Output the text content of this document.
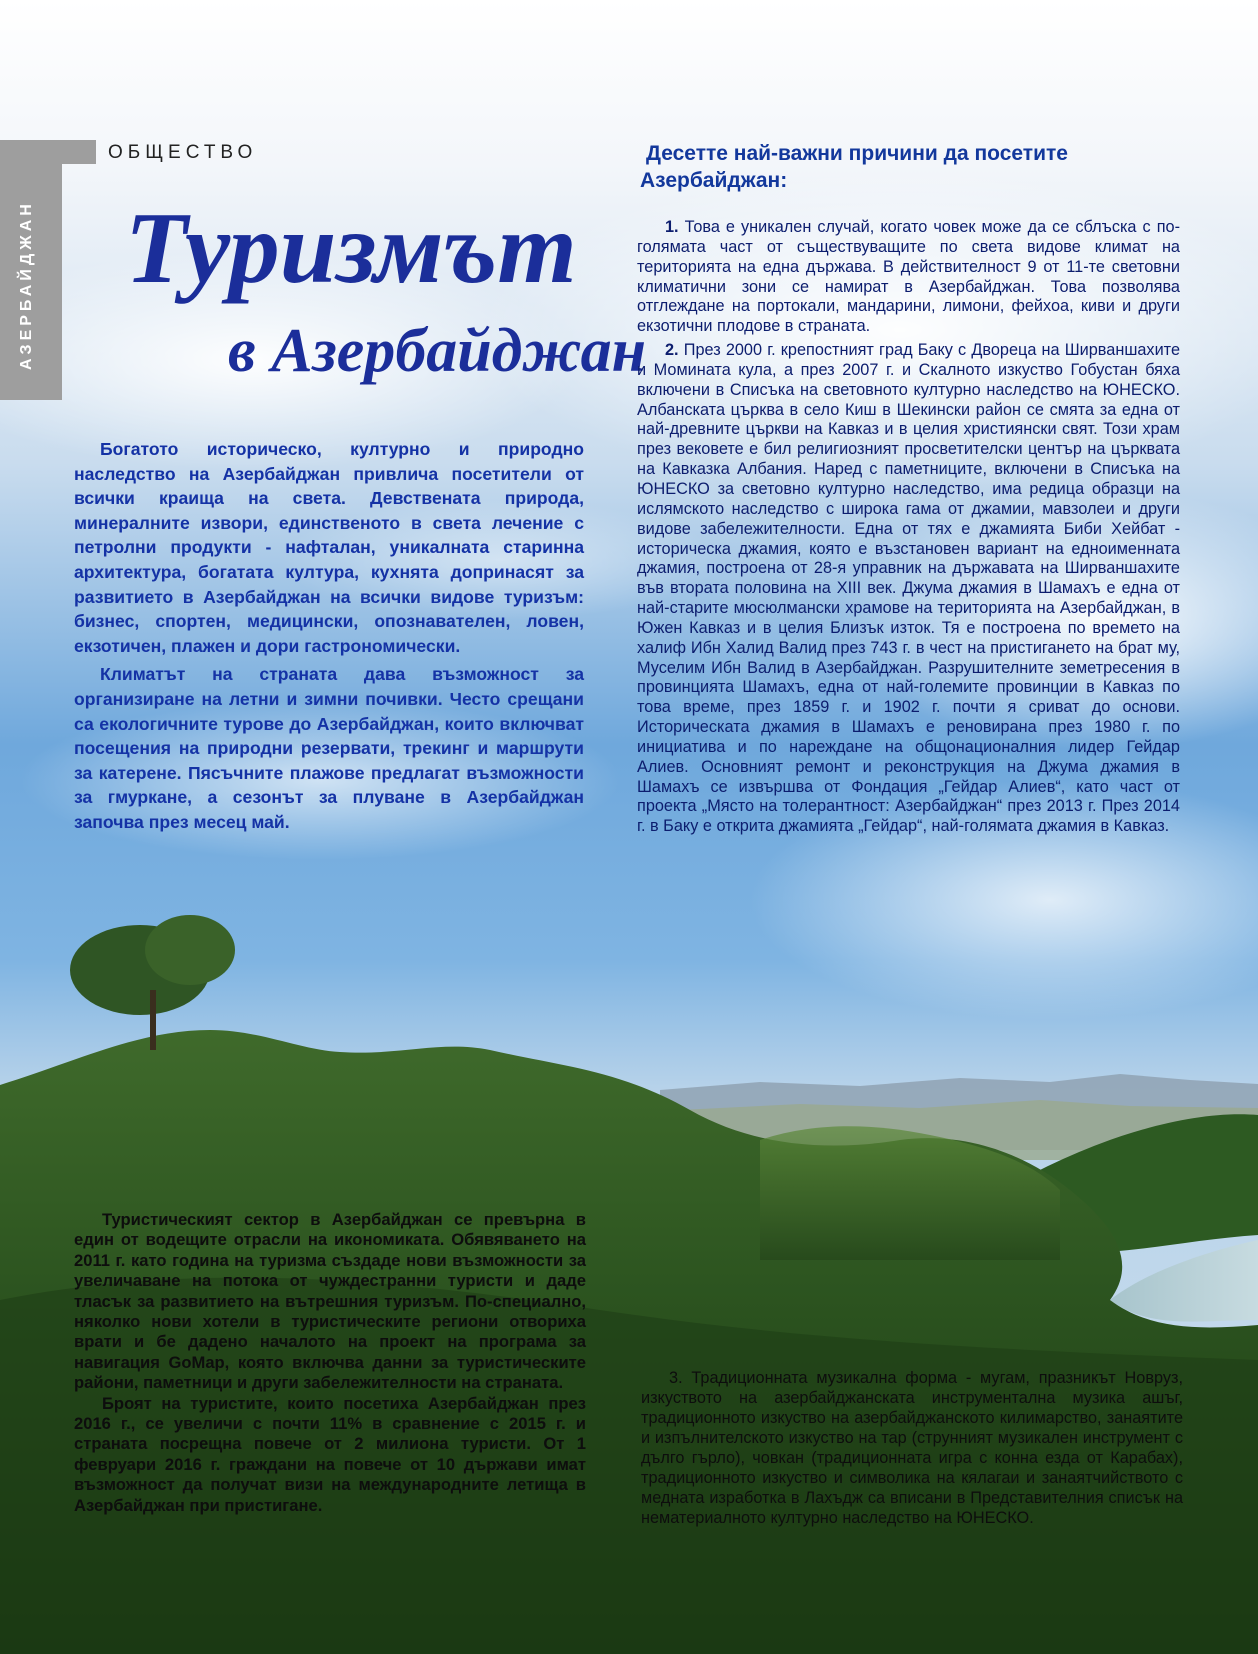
АЗЕРБАЙДЖАН
ОБЩЕСТВО
Туризмът
в Азербайджан

Богатото историческо, културно и природно наследство на Азербайджан привлича посетители от всички краища на света. Девствената природа, минералните извори, единственото в света лечение с петролни продукти - нафталан, уникалната старинна архитектура, богатата култура, кухнята допринасят за развитието в Азербайджан на всички видове туризъм: бизнес, спортен, медицински, опознавателен, ловен, екзотичен, плажен и дори гастрономически.

Климатът на страната дава възможност за организиране на летни и зимни почивки. Често срещани са екологичните турове до Азербайджан, които включват посещения на природни резервати, трекинг и маршрути за катерене. Пясъчните плажове предлагат възможности за гмуркане, а сезонът за плуване в Азербайджан започва през месец май.

Десетте най-важни причини да посетите
Азербайджан:

1. Това е уникален случай, когато човек може да се сблъска с по-голямата част от съществуващите по света видове климат на територията на една държава. В действителност 9 от 11-те световни климатични зони се намират в Азербайджан. Това позволява отглеждане на портокали, мандарини, лимони, фейхоа, киви и други екзотични плодове в страната.

2. През 2000 г. крепостният град Баку с Двореца на Ширваншахите и Момината кула, а през 2007 г. и Скалното изкуство Гобустан бяха включени в Списъка на световното културно наследство на ЮНЕСКО. Албанската църква в село Киш в Шекински район се смята за една от най-древните църкви на Кавказ и в целия християнски свят. Този храм през вековете е бил религиозният просветителски център на църквата на Кавказка Албания. Наред с паметниците, включени в Списъка на ЮНЕСКО за световно културно наследство, има редица образци на ислямското наследство с широка гама от джамии, мавзолеи и други видове забележителности. Една от тях е джамията Биби Хейбат - историческа джамия, която е възстановен вариант на едноименната джамия, построена от 28-я управник на държавата на Ширваншахите във втората половина на XIII век. Джума джамия в Шамахъ е една от най-старите мюсюлмански храмове на територията на Азербайджан, в Южен Кавказ и в целия Близък изток. Тя е построена по времето на халиф Ибн Халид Валид през 743 г. в чест на пристигането на брат му, Муселим Ибн Валид в Азербайджан. Разрушителните земетресения в провинцията Шамахъ, една от най-големите провинции в Кавказ по това време, през 1859 г. и 1902 г. почти я сриват до основи. Историческата джамия в Шамахъ е реновирана през 1980 г. по инициатива и по нареждане на общонационалния лидер Гейдар Алиев. Основният ремонт и реконструкция на Джума джамия в Шамахъ се извършва от Фондация „Гейдар Алиев“, като част от проекта „Място на толерантност: Азербайджан“ през 2013 г. През 2014 г. в Баку е открита джамията „Гейдар“, най-голямата джамия в Кавказ.

Туристическият сектор в Азербайджан се превърна в един от водещите отрасли на икономиката. Обявяването на 2011 г. като година на туризма създаде нови възможности за увеличаване на потока от чуждестранни туристи и даде тласък за развитието на вътрешния туризъм. По-специално, няколко нови хотели в туристическите региони отвориха врати и бе дадено началото на проект на програма за навигация GoMap, която включва данни за туристическите райони, паметници и други забележителности на страната.

Броят на туристите, които посетиха Азербайджан през 2016 г., се увеличи с почти 11% в сравнение с 2015 г. и страната посрещна повече от 2 милиона туристи. От 1 февруари 2016 г. граждани на повече от 10 държави имат възможност да получат визи на международните летища в Азербайджан при пристигане.

3. Традиционната музикална форма - мугам, празникът Новруз, изкуството на азербайджанската инструментална музика ашъг, традиционното изкуство на азербайджанското килимарство, занаятите и изпълнителското изкуство на тар (струнният музикален инструмент с дълго гърло), човкан (традиционната игра с конна езда от Карабах), традиционното изкуство и символика на кялагаи и занаятчийството с медната изработка в Лахъдж са вписани в Представителния списък на нематериалното културно наследство на ЮНЕСКО.
